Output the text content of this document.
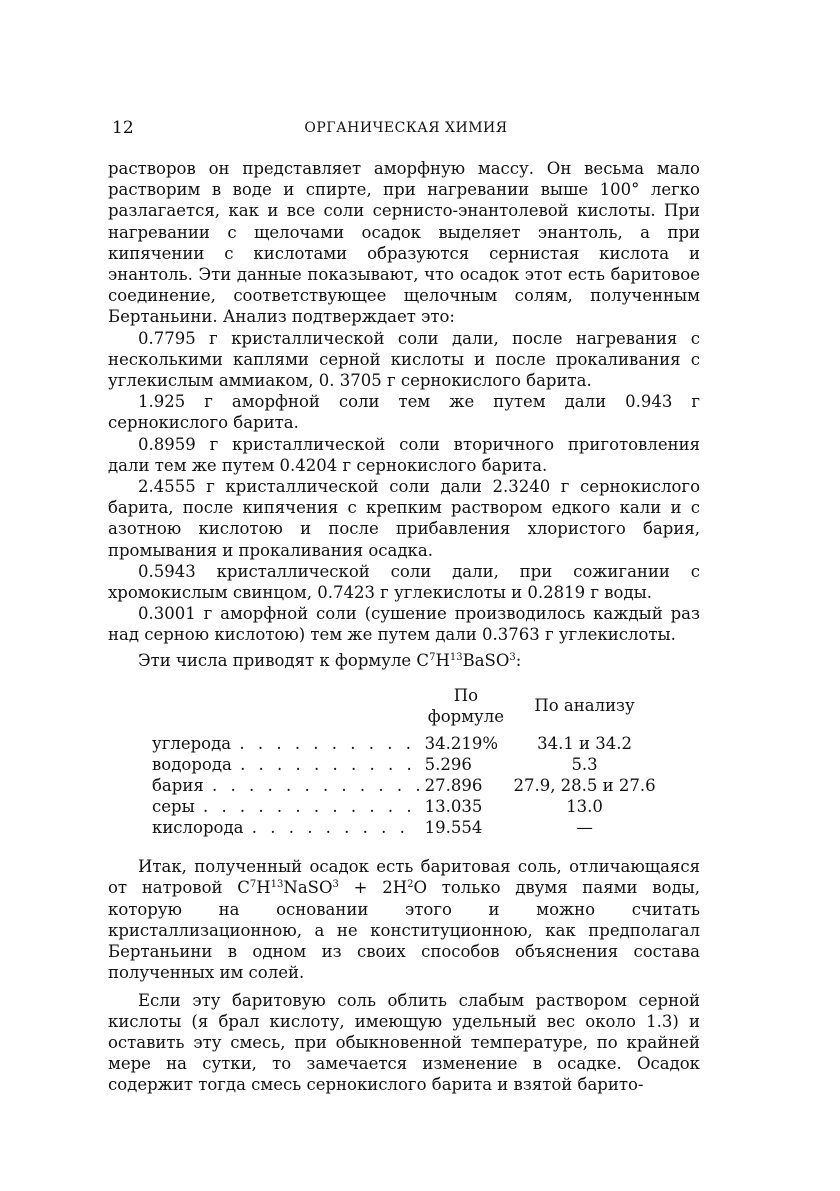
12	ОРГАНИЧЕСКАЯ ХИМИЯ

растворов он представляет аморфную массу. Он весьма мало растворим в воде и спирте, при нагревании выше 100° легко разлагается, как и все соли сернисто-энантолевой кислоты. При нагревании с щелочами осадок выделяет энантоль, а при кипячении с кислотами образуются сернистая кислота и энантоль. Эти данные показывают, что осадок этот есть баритовое соединение, соответствующее щелочным солям, полученным Бертаньини. Анализ подтверждает это:

0.7795 г кристаллической соли дали, после нагревания с несколькими каплями серной кислоты и после прокаливания с углекислым аммиаком, 0. 3705 г сернокислого барита.

1.925 г аморфной соли тем же путем дали 0.943 г сернокислого барита.

0.8959 г кристаллической соли вторичного приготовления дали тем же путем 0.4204 г сернокислого барита.

2.4555 г кристаллической соли дали 2.3240 г сернокислого барита, после кипячения с крепким раствором едкого кали и с азотною кислотою и после прибавления хлористого бария, промывания и прокаливания осадка.

0.5943 кристаллической соли дали, при сожигании с хромокислым свинцом, 0.7423 г углекислоты и 0.2819 г воды.

0.3001 г аморфной соли (сушение производилось каждый раз над серною кислотою) тем же путем дали 0.3763 г углекислоты.

Эти числа приводят к формуле $C^7H^{13}BaSO^3$:

	По формуле	По анализу
углерода . . . . . . . . . .	34.219%	34.1 и 34.2
водорода . . . . . . . . . .	5.296	5.3
бария . . . . . . . . . . . .	27.896	27.9, 28.5 и 27.6
серы . . . . . . . . . . . .	13.035	13.0
кислорода . . . . . . . . .	19.554	—

Итак, полученный осадок есть баритовая соль, отличающаяся от натровой $C^7H^{13}NaSO^3 + 2H^2O$ только двумя паями воды, которую на основании этого и можно считать кристаллизационною, а не конституционною, как предполагал Бертаньини в одном из своих способов объяснения состава полученных им солей.

Если эту баритовую соль облить слабым раствором серной кислоты (я брал кислоту, имеющую удельный вес около 1.3) и оставить эту смесь, при обыкновенной температуре, по крайней мере на сутки, то замечается изменение в осадке. Осадок содержит тогда смесь сернокислого барита и взятой барито-
